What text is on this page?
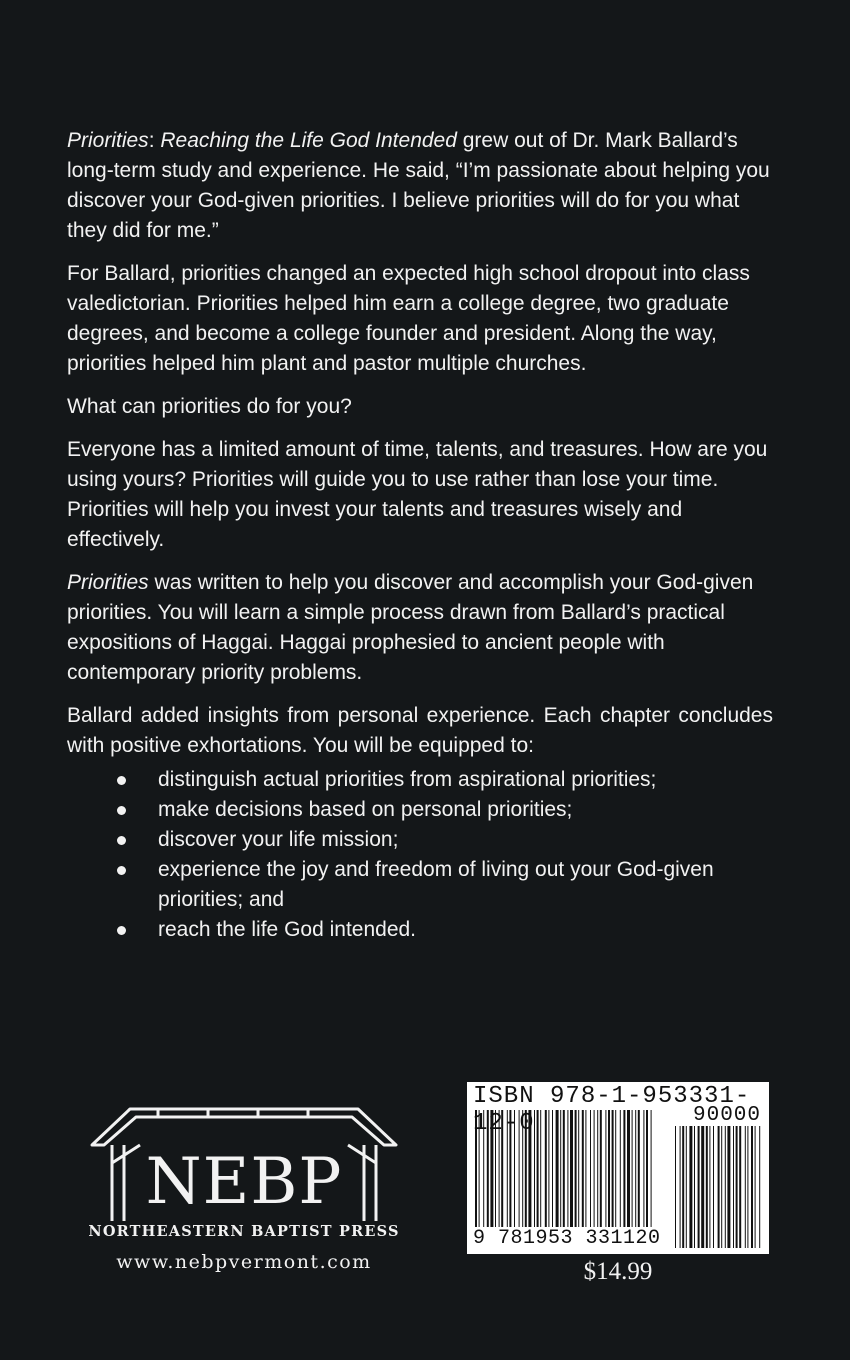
Priorities: Reaching the Life God Intended grew out of Dr. Mark Ballard’s long-term study and experience. He said, “I’m passionate about helping you discover your God-given priorities. I believe priorities will do for you what they did for me.”

For Ballard, priorities changed an expected high school dropout into class valedictorian. Priorities helped him earn a college degree, two graduate degrees, and become a college founder and president. Along the way, priorities helped him plant and pastor multiple churches.

What can priorities do for you?

Everyone has a limited amount of time, talents, and treasures. How are you using yours? Priorities will guide you to use rather than lose your time. Priorities will help you invest your talents and treasures wisely and effectively.

Priorities was written to help you discover and accomplish your God-given priorities. You will learn a simple process drawn from Ballard’s practical expositions of Haggai. Haggai prophesied to ancient people with contemporary priority problems.

Ballard added insights from personal experience. Each chapter concludes with positive exhortations. You will be equipped to:

distinguish actual priorities from aspirational priorities;
make decisions based on personal priorities;
discover your life mission;
experience the joy and freedom of living out your God-given priorities; and
reach the life God intended.
NEBP
NORTHEASTERN BAPTIST PRESS
www.nebpvermont.com
ISBN 978-1-953331-12-0	90000
9 781953 331120
$14.99
